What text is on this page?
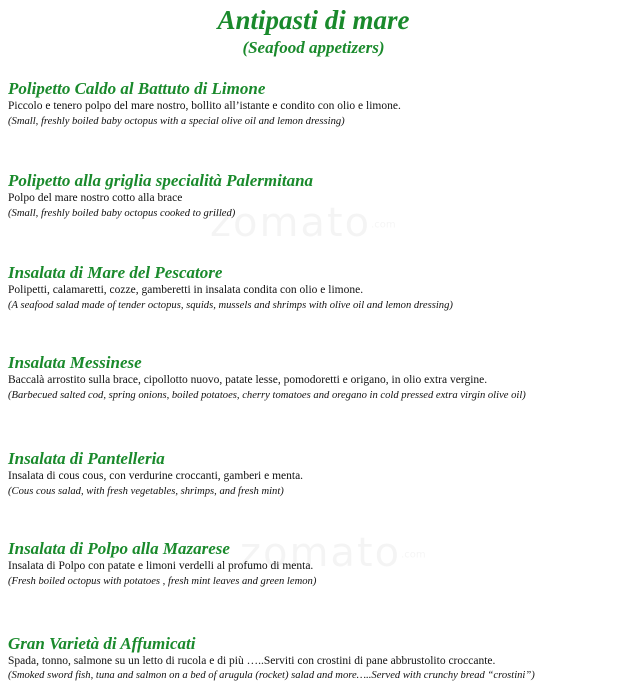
Antipasti di mare
(Seafood appetizers)
Polipetto Caldo al Battuto di Limone
Piccolo e tenero polpo del mare nostro, bollito all’istante e condito con olio e limone.
(Small, freshly boiled baby octopus with a special olive oil and lemon dressing)
Polipetto alla griglia specialità Palermitana
Polpo del mare nostro cotto alla brace
(Small, freshly boiled baby octopus cooked to grilled)
Insalata di Mare del Pescatore
Polipetti, calamaretti, cozze, gamberetti in insalata condita con olio e limone.
(A seafood salad made of tender octopus, squids, mussels and shrimps with olive oil and lemon dressing)
Insalata Messinese
Baccalà arrostito sulla brace, cipollotto nuovo, patate lesse, pomodoretti e origano, in olio extra vergine.
(Barbecued salted cod, spring onions, boiled potatoes, cherry tomatoes and oregano in cold pressed extra virgin olive oil)
Insalata di Pantelleria
Insalata di cous cous, con verdurine croccanti, gamberi e menta.
(Cous cous salad, with fresh vegetables, shrimps, and fresh mint)
Insalata di Polpo alla Mazarese
Insalata di Polpo con patate e limoni verdelli al profumo di menta.
(Fresh boiled octopus with potatoes , fresh mint leaves and green lemon)
Gran Varietà di Affumicati
Spada, tonno, salmone su un letto di rucola e di più …..Serviti con crostini di pane abbrustolito croccante.
(Smoked sword fish, tuna and salmon on a bed of arugula (rocket) salad and more…..Served with crunchy bread “crostini”)
